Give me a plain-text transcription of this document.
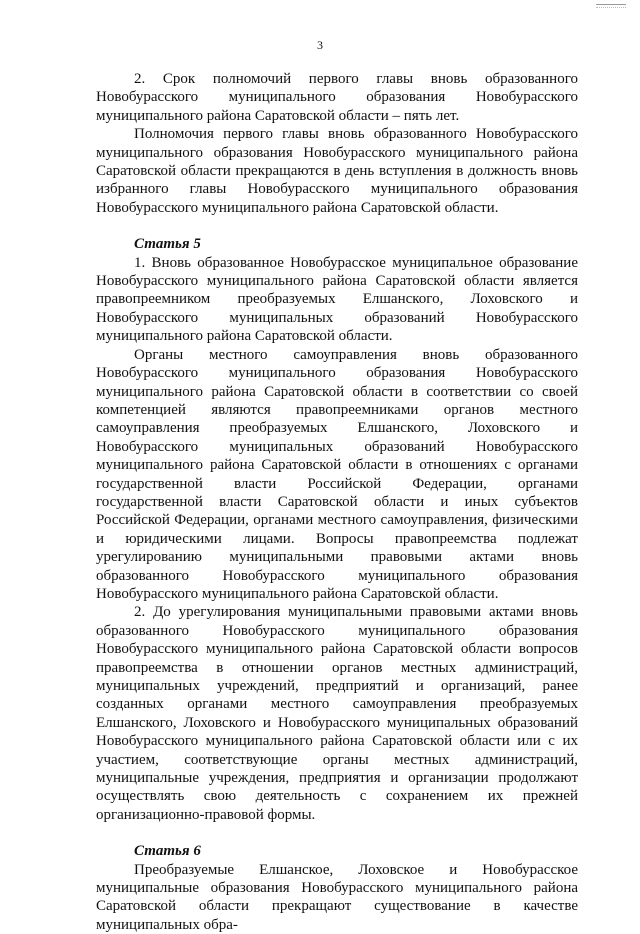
3

2. Срок полномочий первого главы вновь образованного Новобурасского муниципального образования Новобурасского муниципального района Саратовской области – пять лет.

Полномочия первого главы вновь образованного Новобурасского муниципального образования Новобурасского муниципального района Саратовской области прекращаются в день вступления в должность вновь избранного главы Новобурасского муниципального образования Новобурасского муниципального района Саратовской области.

Статья 5

1. Вновь образованное Новобурасское муниципальное образование Новобурасского муниципального района Саратовской области является правопреемником преобразуемых Елшанского, Лоховского и Новобурасского муниципальных образований Новобурасского муниципального района Саратовской области.

Органы местного самоуправления вновь образованного Новобурасского муниципального образования Новобурасского муниципального района Саратовской области в соответствии со своей компетенцией являются правопреемниками органов местного самоуправления преобразуемых Елшанского, Лоховского и Новобурасского муниципальных образований Новобурасского муниципального района Саратовской области в отношениях с органами государственной власти Российской Федерации, органами государственной власти Саратовской области и иных субъектов Российской Федерации, органами местного самоуправления, физическими и юридическими лицами. Вопросы правопреемства подлежат урегулированию муниципальными правовыми актами вновь образованного Новобурасского муниципального образования Новобурасского муниципального района Саратовской области.

2. До урегулирования муниципальными правовыми актами вновь образованного Новобурасского муниципального образования Новобурасского муниципального района Саратовской области вопросов правопреемства в отношении органов местных администраций, муниципальных учреждений, предприятий и организаций, ранее созданных органами местного самоуправления преобразуемых Елшанского, Лоховского и Новобурасского муниципальных образований Новобурасского муниципального района Саратовской области или с их участием, соответствующие органы местных администраций, муниципальные учреждения, предприятия и организации продолжают осуществлять свою деятельность с сохранением их прежней организационно-правовой формы.

Статья 6

Преобразуемые Елшанское, Лоховское и Новобурасское муниципальные образования Новобурасского муниципального района Саратовской области прекращают существование в качестве муниципальных обра-
